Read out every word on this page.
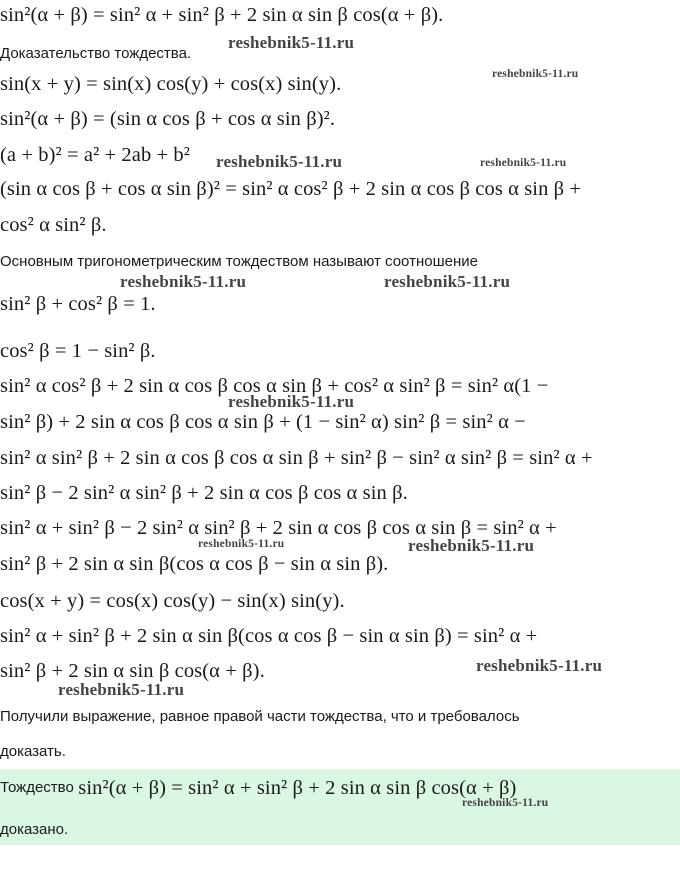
sin²(α + β) = sin² α + sin² β + 2 sin α sin β cos(α + β).
Доказательство тождества.
sin(x + y) = sin(x) cos(y) + cos(x) sin(y).
sin²(α + β) = (sin α cos β + cos α sin β)².
(a + b)² = a² + 2ab + b²
(sin α cos β + cos α sin β)² = sin² α cos² β + 2 sin α cos β cos α sin β +
cos² α sin² β.
Основным тригонометрическим тождеством называют соотношение
sin² β + cos² β = 1.
cos² β = 1 − sin² β.
sin² α cos² β + 2 sin α cos β cos α sin β + cos² α sin² β = sin² α(1 −
sin² β) + 2 sin α cos β cos α sin β + (1 − sin² α) sin² β = sin² α −
sin² α sin² β + 2 sin α cos β cos α sin β + sin² β − sin² α sin² β = sin² α +
sin² β − 2 sin² α sin² β + 2 sin α cos β cos α sin β.
sin² α + sin² β − 2 sin² α sin² β + 2 sin α cos β cos α sin β = sin² α +
sin² β + 2 sin α sin β(cos α cos β − sin α sin β).
cos(x + y) = cos(x) cos(y) − sin(x) sin(y).
sin² α + sin² β + 2 sin α sin β(cos α cos β − sin α sin β) = sin² α +
sin² β + 2 sin α sin β cos(α + β).
Получили выражение, равное правой части тождества, что и требовалось
доказать.
Тождество sin²(α + β) = sin² α + sin² β + 2 sin α sin β cos(α + β)
доказано.
reshebnik5-11.ru
reshebnik5-11.ru
reshebnik5-11.ru	reshebnik5-11.ru
reshebnik5-11.ru	reshebnik5-11.ru
reshebnik5-11.ru
reshebnik5-11.ru	reshebnik5-11.ru
reshebnik5-11.ru
reshebnik5-11.ru
reshebnik5-11.ru
